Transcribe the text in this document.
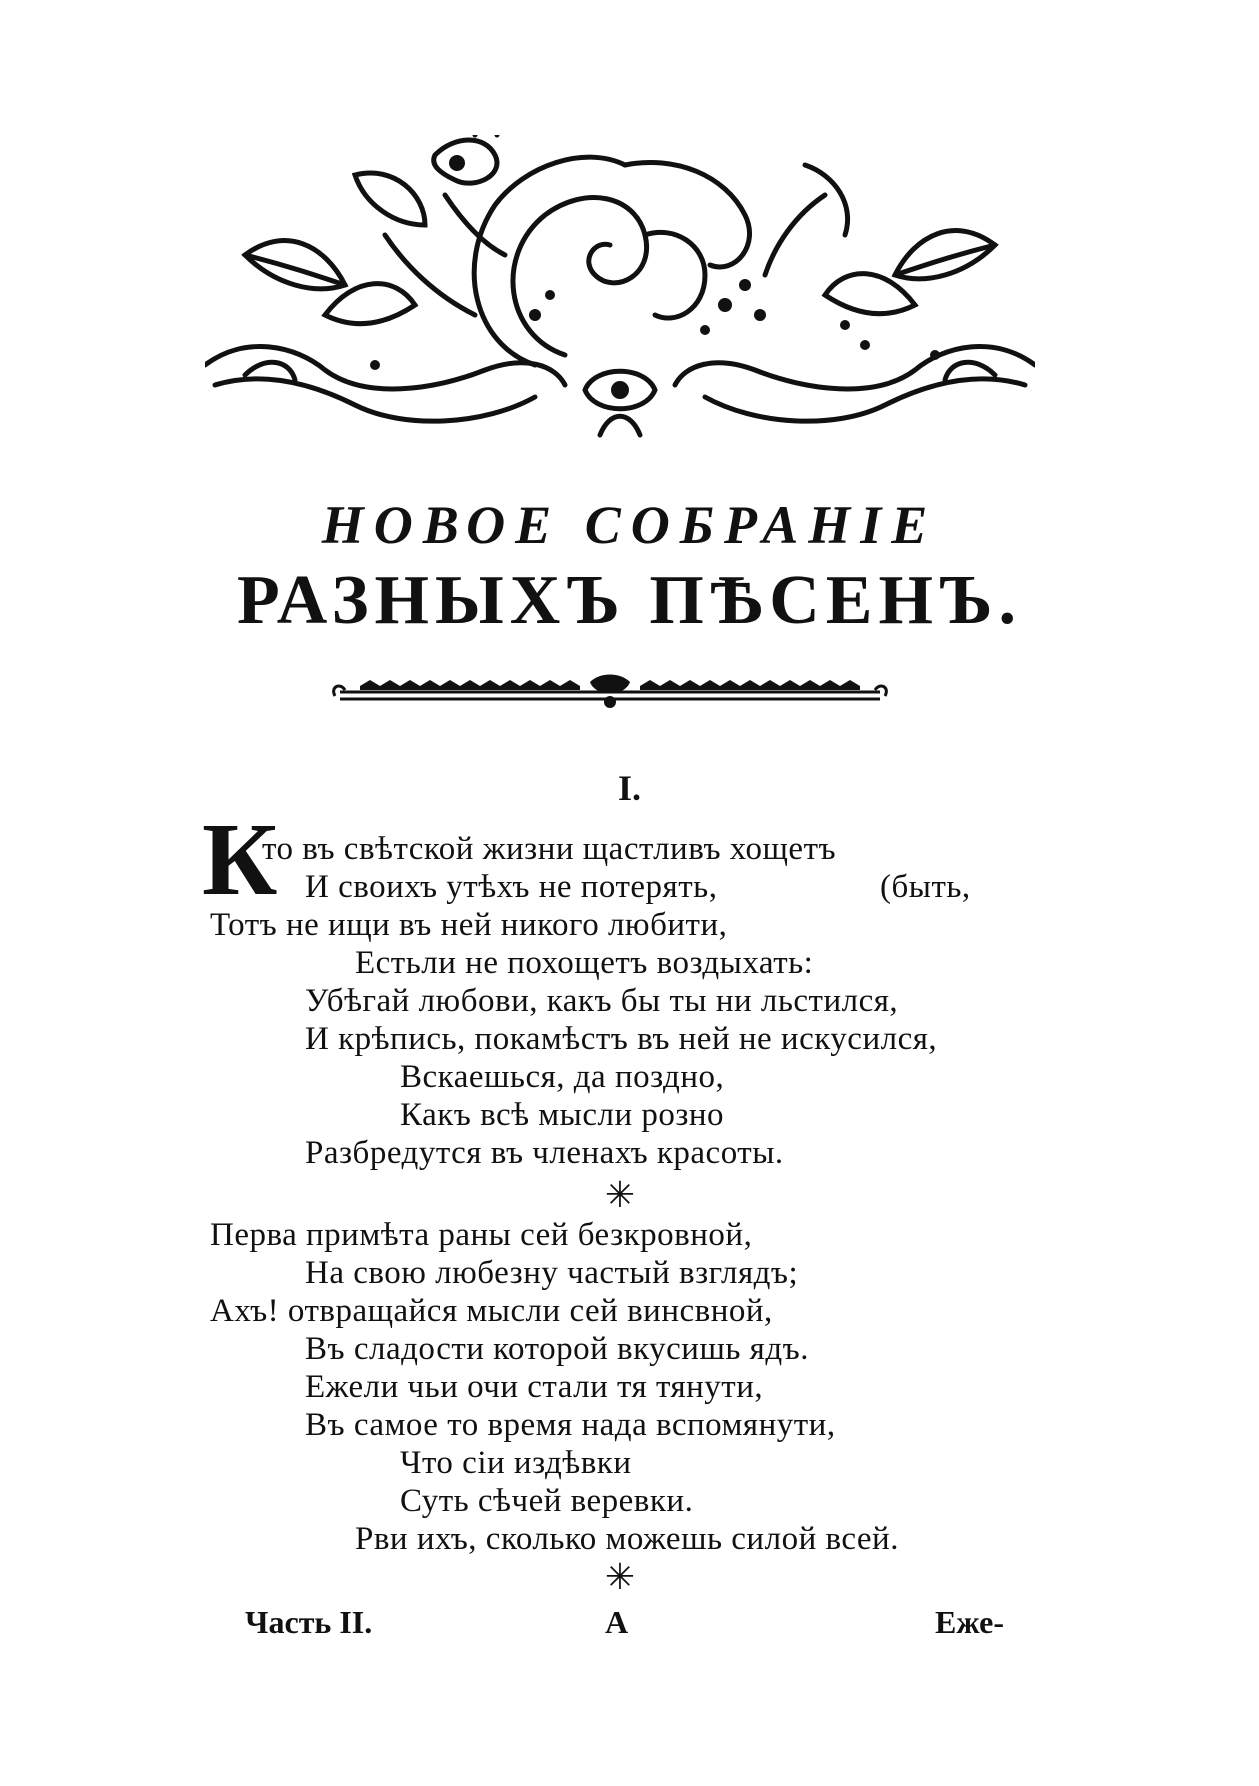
НОВОЕ СОБРАНІЕ
РАЗНЫХЪ ПѢСЕНЪ.
I.
К
то въ свѣтской жизни щастливъ хощетъ
И своихъ утѣхъ не потерять,	(быть,
Тотъ не ищи въ ней никого любити,
Естьли не похощетъ воздыхать:
Убѣгай любови, какъ бы ты ни льстился,
И крѣпись, покамѣстъ въ ней не искусился,
Вскаешься, да поздно,
Какъ всѣ мысли розно
Разбредутся въ членахъ красоты.
✳
Перва примѣта раны сей безкровной,
На свою любезну частый взглядъ;
Ахъ! отвращайся мысли сей винсвной,
Въ сладости которой вкусишь ядъ.
Ежели чьи очи стали тя тянути,
Въ самое то время нада вспомянути,
Что сіи издѣвки
Суть сѣчей веревки.
Рви ихъ, сколько можешь силой всей.
✳
Часть II.	А	Еже-
